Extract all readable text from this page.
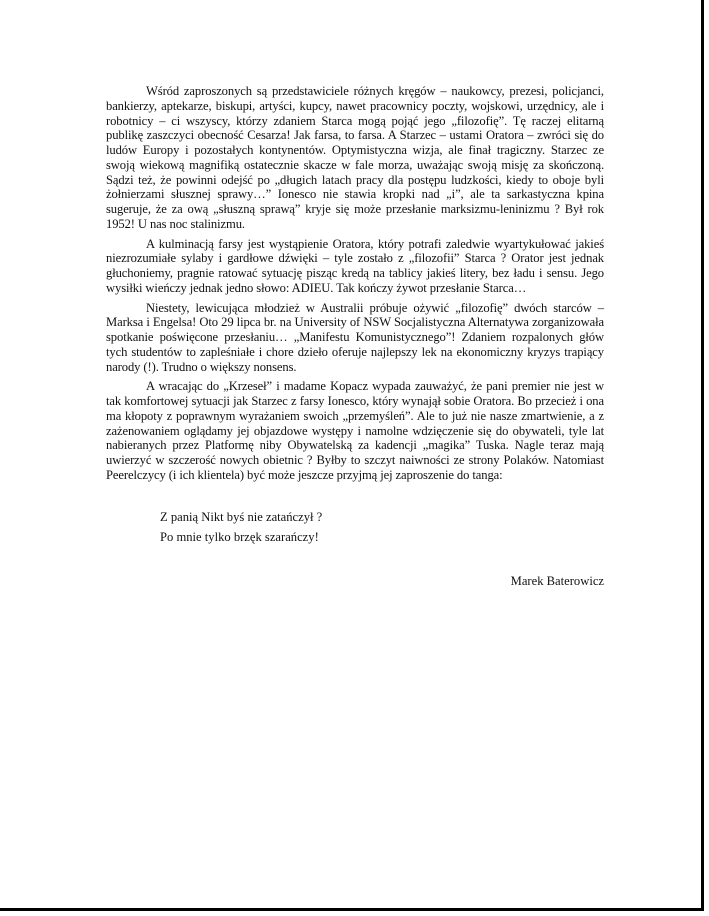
Wśród zaproszonych są przedstawiciele różnych kręgów – naukowcy, prezesi, policjanci, bankierzy, aptekarze, biskupi, artyści, kupcy, nawet pracownicy poczty, wojskowi, urzędnicy, ale i robotnicy – ci wszyscy, którzy zdaniem Starca mogą pojąć jego „filozofię”. Tę raczej elitarną publikę zaszczyci obecność Cesarza! Jak farsa, to farsa. A Starzec – ustami Oratora – zwróci się do ludów Europy i pozostałych kontynentów. Optymistyczna wizja, ale finał tragiczny. Starzec ze swoją wiekową magnifiką ostatecznie skacze w fale morza, uważając swoją misję za skończoną. Sądzi też, że powinni odejść po „długich latach pracy dla postępu ludzkości, kiedy to oboje byli żołnierzami słusznej sprawy…” Ionesco nie stawia kropki nad „i”, ale ta sarkastyczna kpina sugeruje, że za ową „słuszną sprawą” kryje się może przesłanie marksizmu-leninizmu ? Był rok 1952! U nas noc stalinizmu.

A kulminacją farsy jest wystąpienie Oratora, który potrafi zaledwie wyartykułować jakieś niezrozumiałe sylaby i gardłowe dźwięki – tyle zostało z „filozofii” Starca ? Orator jest jednak głuchoniemy, pragnie ratować sytuację pisząc kredą na tablicy jakieś litery, bez ładu i sensu. Jego wysiłki wieńczy jednak jedno słowo: ADIEU. Tak kończy żywot przesłanie Starca…

Niestety, lewicująca młodzież w Australii próbuje ożywić „filozofię” dwóch starców – Marksa i Engelsa! Oto 29 lipca br. na University of NSW Socjalistyczna Alternatywa zorganizowała spotkanie poświęcone przesłaniu… „Manifestu Komunistycznego”! Zdaniem rozpalonych głów tych studentów to zapleśniałe i chore dzieło oferuje najlepszy lek na ekonomiczny kryzys trapiący narody (!). Trudno o większy nonsens.

A wracając do „Krzeseł” i madame Kopacz wypada zauważyć, że pani premier nie jest w tak komfortowej sytuacji jak Starzec z farsy Ionesco, który wynajął sobie Oratora. Bo przecież i ona ma kłopoty z poprawnym wyrażaniem swoich „przemyśleń”. Ale to już nie nasze zmartwienie, a z zażenowaniem oglądamy jej objazdowe występy i namolne wdzięczenie się do obywateli, tyle lat nabieranych przez Platformę niby Obywatelską za kadencji „magika” Tuska. Nagle teraz mają uwierzyć w szczerość nowych obietnic ? Byłby to szczyt naiwności ze strony Polaków. Natomiast Peerelczycy (i ich klientela) być może jeszcze przyjmą jej zaproszenie do tanga:

Z panią Nikt byś nie zatańczył ?
Po mnie tylko brzęk szarańczy!
Marek Baterowicz
